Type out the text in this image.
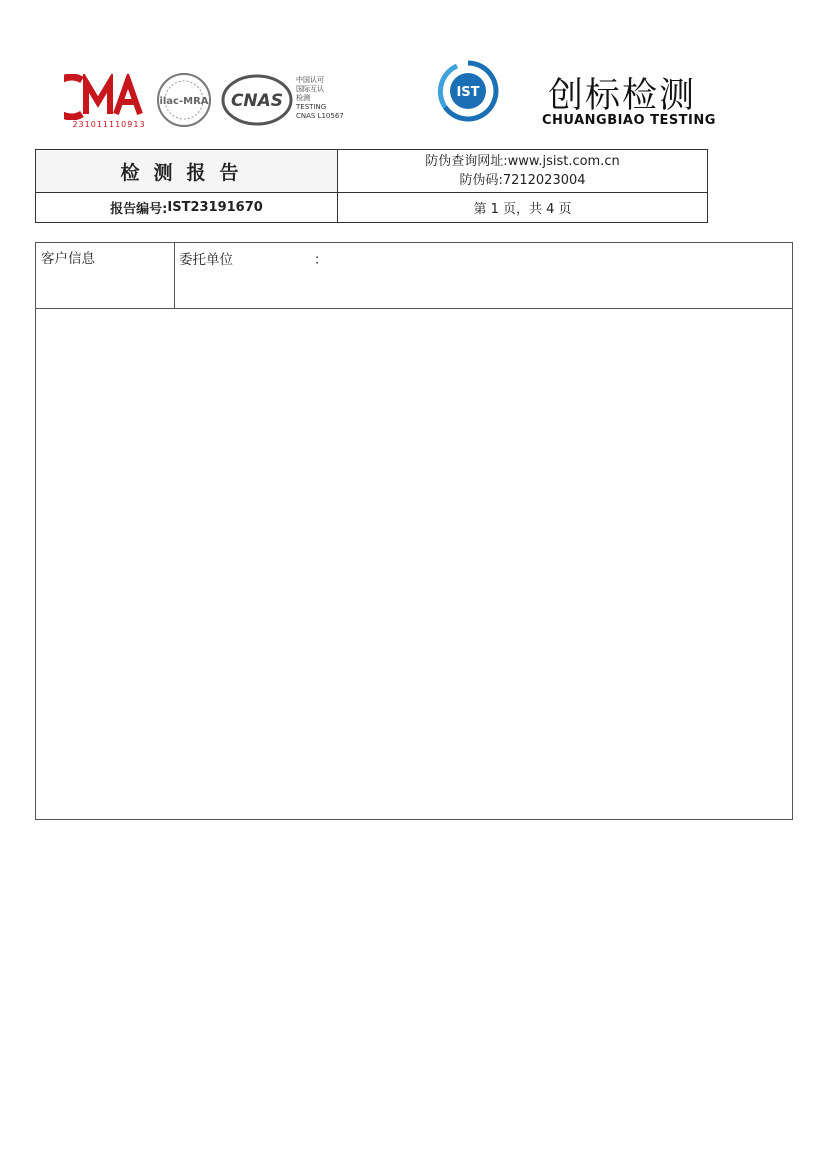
231011110913
ilac-MRA CNAS
中国认可
国际互认
检测
TESTING
CNAS L10567
IST 创标检测
CHUANGBIAO TESTING
检测报告
报告编号: IST23191670
防伪查询网址:www.jsist.com.cn
防伪码:7212023004
第 1 页，共 4 页
客户信息	委托单位	：
